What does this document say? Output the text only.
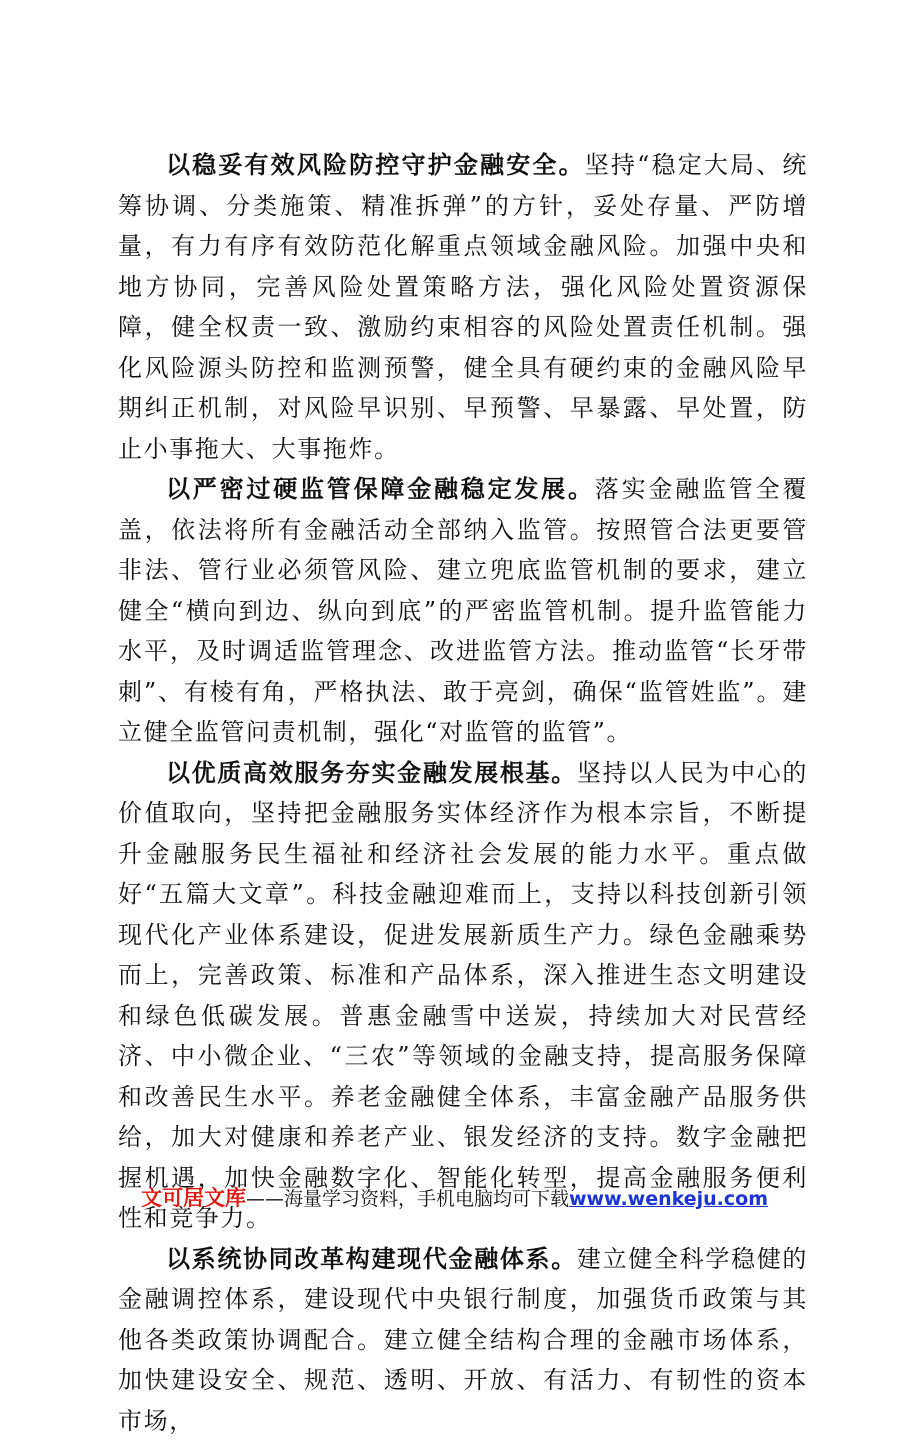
以稳妥有效风险防控守护金融安全。坚持“稳定大局、统筹协调、分类施策、精准拆弹”的方针，妥处存量、严防增量，有力有序有效防范化解重点领域金融风险。加强中央和地方协同，完善风险处置策略方法，强化风险处置资源保障，健全权责一致、激励约束相容的风险处置责任机制。强化风险源头防控和监测预警，健全具有硬约束的金融风险早期纠正机制，对风险早识别、早预警、早暴露、早处置，防止小事拖大、大事拖炸。

以严密过硬监管保障金融稳定发展。落实金融监管全覆盖，依法将所有金融活动全部纳入监管。按照管合法更要管非法、管行业必须管风险、建立兜底监管机制的要求，建立健全“横向到边、纵向到底”的严密监管机制。提升监管能力水平，及时调适监管理念、改进监管方法。推动监管“长牙带刺”、有棱有角，严格执法、敢于亮剑，确保“监管姓监”。建立健全监管问责机制，强化“对监管的监管”。

以优质高效服务夯实金融发展根基。坚持以人民为中心的价值取向，坚持把金融服务实体经济作为根本宗旨，不断提升金融服务民生福祉和经济社会发展的能力水平。重点做好“五篇大文章”。科技金融迎难而上，支持以科技创新引领现代化产业体系建设，促进发展新质生产力。绿色金融乘势而上，完善政策、标准和产品体系，深入推进生态文明建设和绿色低碳发展。普惠金融雪中送炭，持续加大对民营经济、中小微企业、“三农”等领域的金融支持，提高服务保障和改善民生水平。养老金融健全体系，丰富金融产品服务供给，加大对健康和养老产业、银发经济的支持。数字金融把握机遇，加快金融数字化、智能化转型，提高金融服务便利性和竞争力。

以系统协同改革构建现代金融体系。建立健全科学稳健的金融调控体系，建设现代中央银行制度，加强货币政策与其他各类政策协调配合。建立健全结构合理的金融市场体系，加快建设安全、规范、透明、开放、有活力、有韧性的资本市场，

文可居文库——海量学习资料，手机电脑均可下载www.wenkeju.com
